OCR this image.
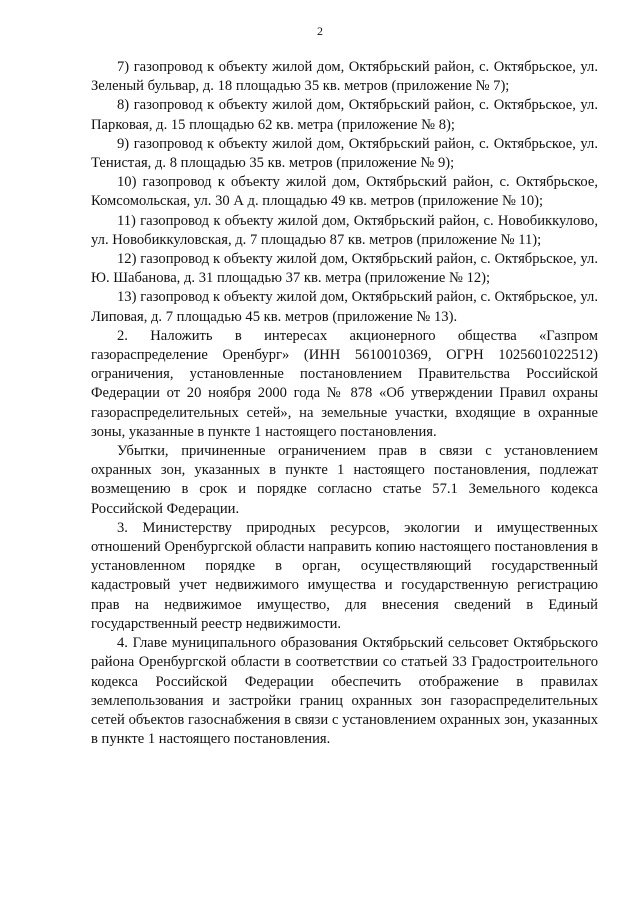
2

7) газопровод к объекту жилой дом, Октябрьский район, с. Октябрьское, ул. Зеленый бульвар, д. 18 площадью 35 кв. метров (приложение № 7);

8) газопровод к объекту жилой дом, Октябрьский район, с. Октябрьское, ул. Парковая, д. 15 площадью 62 кв. метра (приложение № 8);

9) газопровод к объекту жилой дом, Октябрьский район, с. Октябрьское, ул. Тенистая, д. 8 площадью 35 кв. метров (приложение № 9);

10) газопровод к объекту жилой дом, Октябрьский район, с. Октябрьское, Комсомольская, ул. 30 А д. площадью 49 кв. метров (приложение № 10);

11) газопровод к объекту жилой дом, Октябрьский район, с. Новобиккулово, ул. Новобиккуловская, д. 7 площадью 87 кв. метров (приложение № 11);

12) газопровод к объекту жилой дом, Октябрьский район, с. Октябрьское, ул. Ю. Шабанова, д. 31 площадью 37 кв. метра (приложение № 12);

13) газопровод к объекту жилой дом, Октябрьский район, с. Октябрьское, ул. Липовая, д. 7 площадью 45 кв. метров (приложение № 13).

2. Наложить в интересах акционерного общества «Газпром газораспределение Оренбург» (ИНН 5610010369, ОГРН 1025601022512) ограничения, установленные постановлением Правительства Российской Федерации от 20 ноября 2000 года № 878 «Об утверждении Правил охраны газораспределительных сетей», на земельные участки, входящие в охранные зоны, указанные в пункте 1 настоящего постановления.

Убытки, причиненные ограничением прав в связи с установлением охранных зон, указанных в пункте 1 настоящего постановления, подлежат возмещению в срок и порядке согласно статье 57.1 Земельного кодекса Российской Федерации.

3. Министерству природных ресурсов, экологии и имущественных отношений Оренбургской области направить копию настоящего постановления в установленном порядке в орган, осуществляющий государственный кадастровый учет недвижимого имущества и государственную регистрацию прав на недвижимое имущество, для внесения сведений в Единый государственный реестр недвижимости.

4. Главе муниципального образования Октябрьский сельсовет Октябрьского района Оренбургской области в соответствии со статьей 33 Градостроительного кодекса Российской Федерации обеспечить отображение в правилах землепользования и застройки границ охранных зон газораспределительных сетей объектов газоснабжения в связи с установлением охранных зон, указанных в пункте 1 настоящего постановления.
